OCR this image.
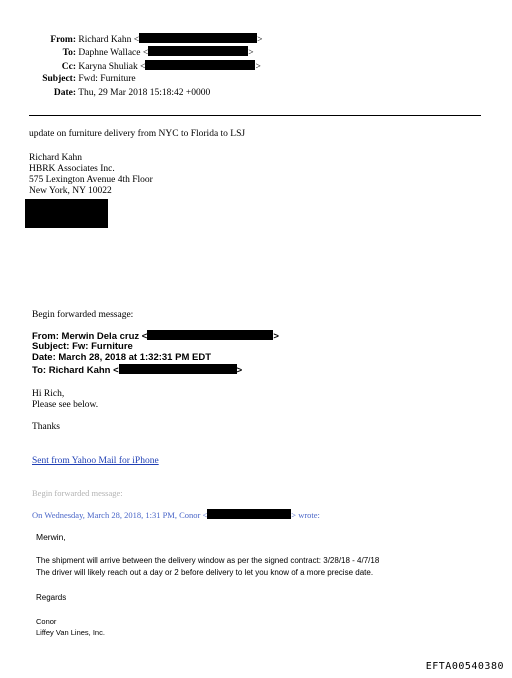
From: Richard Kahn <	>
To: Daphne Wallace <	>
Cc: Karyna Shuliak <	>
Subject: Fwd: Furniture
Date: Thu, 29 Mar 2018 15:18:42 +0000
update on furniture delivery from NYC to Florida to LSJ
Richard Kahn
HBRK Associates Inc.
575 Lexington Avenue 4th Floor
New York, NY 10022
Begin forwarded message:
From: Merwin Dela cruz <	>
Subject: Fw: Furniture
Date: March 28, 2018 at 1:32:31 PM EDT
To: Richard Kahn <	>
Hi Rich,
Please see below.
Thanks
Sent from Yahoo Mail for iPhone
Begin forwarded message:
On Wednesday, March 28, 2018, 1:31 PM, Conor <	> wrote:
Merwin,
The shipment will arrive between the delivery window as per the signed contract: 3/28/18 - 4/7/18
The driver will likely reach out a day or 2 before delivery to let you know of a more precise date.
Regards
Conor
Liffey Van Lines, Inc.
EFTA00540380
